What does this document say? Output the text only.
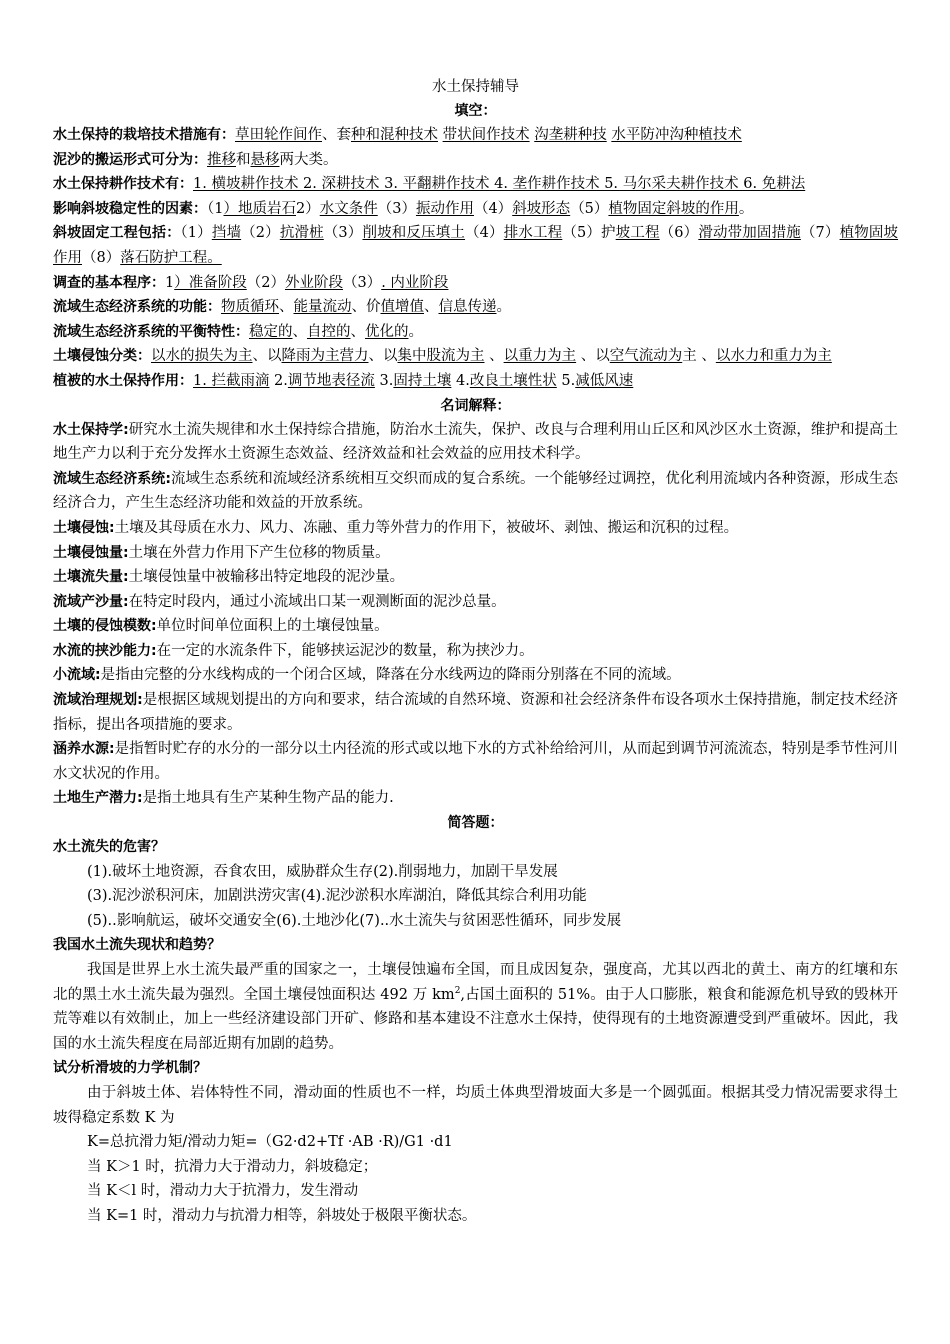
水土保持辅导
填空：
水土保持的栽培技术措施有：草田轮作间作、套种和混种技术 带状间作技术 沟垄耕种技 水平防冲沟种植技术
泥沙的搬运形式可分为：推移和悬移两大类。
水土保持耕作技术有：1. 横坡耕作技术 2. 深耕技术 3. 平翻耕作技术 4. 垄作耕作技术 5. 马尔采夫耕作技术 6. 免耕法
影响斜坡稳定性的因素：（1）地质岩石2）水文条件（3）振动作用（4）斜坡形态（5）植物固定斜坡的作用。
斜坡固定工程包括：（1）挡墙（2）抗滑桩（3）削坡和反压填土（4）排水工程（5）护坡工程（6）滑动带加固措施（7）植物固坡作用（8）落石防护工程。
调查的基本程序：1）准备阶段（2）外业阶段（3）. 内业阶段
流域生态经济系统的功能：物质循环、能量流动、价值增值、信息传递。
流域生态经济系统的平衡特性：稳定的、自控的、优化的。
土壤侵蚀分类：以水的损失为主、以降雨为主营力、以集中股流为主 、以重力为主 、以空气流动为主 、以水力和重力为主
植被的水土保持作用：1. 拦截雨滴 2.调节地表径流 3.固持土壤 4.改良土壤性状 5.减低风速
名词解释：
水土保持学:研究水土流失规律和水土保持综合措施，防治水土流失，保护、改良与合理利用山丘区和风沙区水土资源，维护和提高土地生产力以利于充分发挥水土资源生态效益、经济效益和社会效益的应用技术科学。
流域生态经济系统:流域生态系统和流域经济系统相互交织而成的复合系统。一个能够经过调控，优化利用流域内各种资源，形成生态经济合力，产生生态经济功能和效益的开放系统。
土壤侵蚀:土壤及其母质在水力、风力、冻融、重力等外营力的作用下，被破坏、剥蚀、搬运和沉积的过程。
土壤侵蚀量:土壤在外营力作用下产生位移的物质量。
土壤流失量:土壤侵蚀量中被输移出特定地段的泥沙量。
流域产沙量:在特定时段内，通过小流域出口某一观测断面的泥沙总量。
土壤的侵蚀模数:单位时间单位面积上的土壤侵蚀量。
水流的挟沙能力:在一定的水流条件下，能够挟运泥沙的数量，称为挟沙力。
小流域:是指由完整的分水线构成的一个闭合区域，降落在分水线两边的降雨分别落在不同的流域。
流域治理规划:是根据区域规划提出的方向和要求，结合流域的自然环境、资源和社会经济条件布设各项水土保持措施，制定技术经济指标，提出各项措施的要求。
涵养水源:是指暂时贮存的水分的一部分以土内径流的形式或以地下水的方式补给给河川，从而起到调节河流流态，特别是季节性河川水文状况的作用。
土地生产潜力:是指土地具有生产某种生物产品的能力.
简答题：
水土流失的危害？
(1).破坏土地资源，吞食农田，威胁群众生存(2).削弱地力，加剧干旱发展
(3).泥沙淤积河床，加剧洪涝灾害(4).泥沙淤积水库湖泊，降低其综合利用功能
(5)..影响航运，破坏交通安全(6).土地沙化(7)..水土流失与贫困恶性循环，同步发展
我国水土流失现状和趋势？
我国是世界上水土流失最严重的国家之一，土壤侵蚀遍布全国，而且成因复杂，强度高，尤其以西北的黄土、南方的红壤和东北的黑土水土流失最为强烈。全国土壤侵蚀面积达 492 万 $km^2$,占国土面积的 51%。由于人口膨胀，粮食和能源危机导致的毁林开荒等难以有效制止，加上一些经济建设部门开矿、修路和基本建设不注意水土保持，使得现有的土地资源遭受到严重破坏。因此，我国的水土流失程度在局部近期有加剧的趋势。
试分析滑坡的力学机制？
由于斜坡土体、岩体特性不同，滑动面的性质也不一样，均质土体典型滑坡面大多是一个圆弧面。根据其受力情况需要求得土坡得稳定系数 K 为
K=总抗滑力矩/滑动力矩=（G2·d2+Tf ·AB ·R)/G1 ·d1
当 K＞1 时，抗滑力大于滑动力，斜坡稳定；
当 K＜l 时，滑动力大于抗滑力，发生滑动
当 K=1 时，滑动力与抗滑力相等，斜坡处于极限平衡状态。
